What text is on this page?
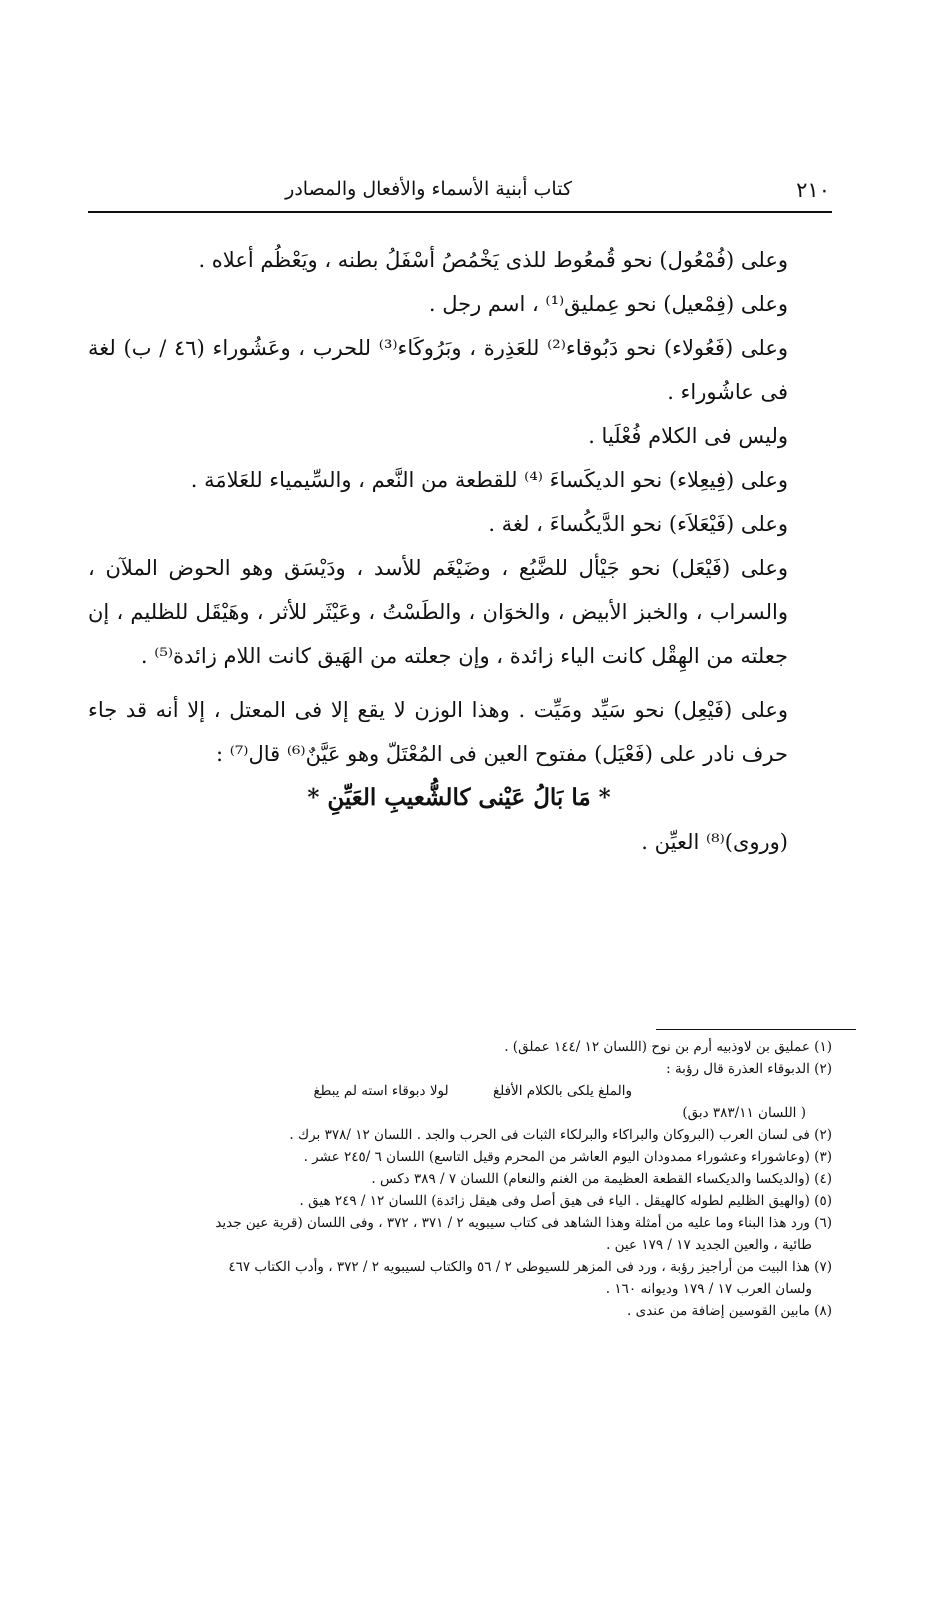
٢١٠
كتاب أبنية الأسماء والأفعال والمصادر

وعلى (فُمْعُول) نحو قُمعُوط للذى يَخْمُصُ أسْفَلُ بطنه ، ويَعْظُم أعلاه .

وعلى (فِمْعيل) نحو عِمليق⁽¹⁾ ، اسم رجل .

وعلى (فَعُولاء) نحو دَبُوقاء⁽²⁾ للعَذِرة ، وبَرُوكَاء⁽³⁾ للحرب ، وعَشُوراء (٤٦ / ب) لغة فى عاشُوراء .

وليس فى الكلام فُعْلَيا .

وعلى (فِيعِلاء) نحو الديكَساءَ ⁽⁴⁾ للقطعة من النَّعم ، والسِّيمياء للعَلامَة .

وعلى (فَيْعَلاَء) نحو الدَّيكُساءَ ، لغة .

وعلى (فَيْعَل) نحو جَيْأل للضَّبُع ، وضَيْغَم للأسد ، ودَيْسَق وهو الحوض الملآن ، والسراب ، والخبز الأبيض ، والخوَان ، والطَسْتُ ، وعَيْثَر للأثر ، وهَيْقَل للظليم ، إن جعلته من الهِقْل كانت الياء زائدة ، وإن جعلته من الهَيق كانت اللام زائدة⁽⁵⁾ .

وعلى (فَيْعِل) نحو سَيِّد ومَيِّت . وهذا الوزن لا يقع إلا فى المعتل ، إلا أنه قد جاء حرف نادر على (فَعْيَل) مفتوح العين فى المُعْتَلّ وهو عَيَّنٌ⁽⁶⁾ قال⁽⁷⁾ :

* مَا بَالُ عَيْنى كالشُّعيبِ العَيِّنِ *

(وروى)⁽⁸⁾ العيِّن .

(١) عمليق بن لاوذبيه أرم بن نوح (اللسان ١٢ /١٤٤ عملق) .

(٢) الدبوقاء العذرة قال رؤبة :

والملغ يلكى بالكلام الأفلغ لولا دبوقاء استه لم يبطغ

( اللسان ٣٨٣/١١ دبق)

(٢) فى لسان العرب (البروكان والبراكاء والبرلكاء الثبات فى الحرب والجد . اللسان ١٢ /٣٧٨ برك .

(٣) (وعاشوراء وعشوراء ممدودان اليوم العاشر من المحرم وقيل التاسع) اللسان ٦ /٢٤٥ عشر .

(٤) (والديكسا والديكساء القطعة العظيمة من الغنم والنعام) اللسان ٧ / ٣٨٩ دكس .

(٥) (والهيق الظليم لطوله كالهيقل . الياء فى هيق أصل وفى هيقل زائدة) اللسان ١٢ / ٢٤٩ هيق .

(٦) ورد هذا البناء وما عليه من أمثلة وهذا الشاهد فى كتاب سيبويه ٢ / ٣٧١ ، ٣٧٢ ، وفى اللسان (قرية عين جديد

طائية ، والعين الجديد ١٧ / ١٧٩ عين .

(٧) هذا البيت من أراجيز رؤبة ، ورد فى المزهر للسيوطى ٢ / ٥٦ والكتاب لسيبويه ٢ / ٣٧٢ ، وأدب الكتاب ٤٦٧

ولسان العرب ١٧ / ١٧٩ وديوانه ١٦٠ .

(٨) مابين القوسين إضافة من عندى .
